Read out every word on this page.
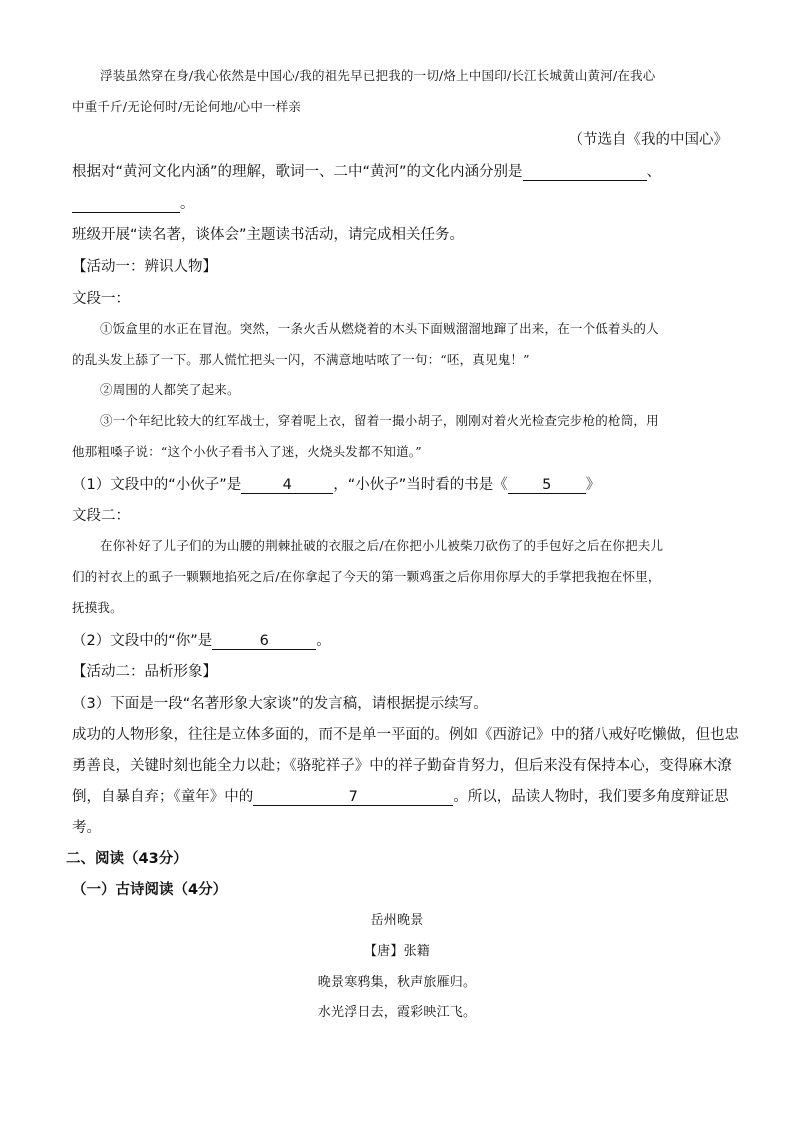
浮装虽然穿在身/我心依然是中国心/我的祖先早已把我的一切/烙上中国印/长江长城黄山黄河/在我心
中重千斤/无论何时/无论何地/心中一样亲
（节选自《我的中国心》
根据对“黄河文化内涵”的理解，歌词一、二中“黄河”的文化内涵分别是	、
。
班级开展“读名著，谈体会”主题读书活动，请完成相关任务。
【活动一：辨识人物】
文段一：
①饭盒里的水正在冒泡。突然，一条火舌从燃烧着的木头下面贼溜溜地蹿了出来，在一个低着头的人
的乱头发上舔了一下。那人慌忙把头一闪，不满意地咕哝了一句：“呸，真见鬼！”
②周围的人都笑了起来。
③一个年纪比较大的红军战士，穿着呢上衣，留着一撮小胡子，刚刚对着火光检查完步枪的枪筒，用
他那粗嗓子说：“这个小伙子看书入了迷，火烧头发都不知道。”
（1）文段中的“小伙子”是	4	，“小伙子”当时看的书是《 5 》
文段二：
在你补好了儿子们的为山腰的荆棘扯破的衣服之后/在你把小儿被柴刀砍伤了的手包好之后在你把夫儿
们的衬衣上的虱子一颗颗地掐死之后/在你拿起了今天的第一颗鸡蛋之后你用你厚大的手掌把我抱在怀里，
抚摸我。
（2）文段中的“你”是	6	。
【活动二：品析形象】
（3）下面是一段“名著形象大家谈”的发言稿，请根据提示续写。
成功的人物形象，往往是立体多面的，而不是单一平面的。例如《西游记》中的猪八戒好吃懒做，但也忠
勇善良，关键时刻也能全力以赴；《骆驼祥子》中的祥子勤奋肯努力，但后来没有保持本心，变得麻木潦
倒，自暴自弃；《童年》中的	7	。所以，品读人物时，我们要多角度辩证思
考。
二、阅读（43分）
（一）古诗阅读（4分）
岳州晚景
【唐】张籍
晚景寒鸦集，秋声旅雁归。
水光浮日去，霞彩映江飞。
